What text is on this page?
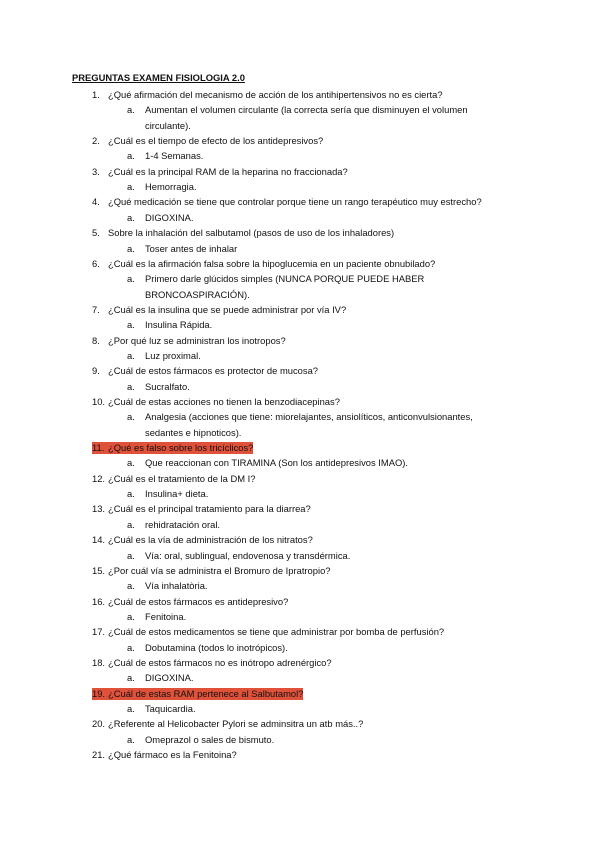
PREGUNTAS EXAMEN FISIOLOGIA 2.0
1. ¿Qué afirmación del mecanismo de acción de los antihipertensivos no es cierta?
a. Aumentan el volumen circulante (la correcta sería que disminuyen el volumen
circulante).
2. ¿Cuál es el tiempo de efecto de los antidepresivos?
a. 1-4 Semanas.
3. ¿Cuál es la principal RAM de la heparina no fraccionada?
a. Hemorragia.
4. ¿Qué medicación se tiene que controlar porque tiene un rango terapéutico muy estrecho?
a. DIGOXINA.
5. Sobre la inhalación del salbutamol (pasos de uso de los inhaladores)
a. Toser antes de inhalar
6. ¿Cuál es la afirmación falsa sobre la hipoglucemia en un paciente obnubilado?
a. Primero darle glúcidos simples (NUNCA PORQUE PUEDE HABER
BRONCOASPIRACIÓN).
7. ¿Cuál es la insulina que se puede administrar por vía IV?
a. Insulina Rápida.
8. ¿Por qué luz se administran los inotropos?
a. Luz proximal.
9. ¿Cuál de estos fármacos es protector de mucosa?
a. Sucralfato.
10. ¿Cuál de estas acciones no tienen la benzodiacepinas?
a. Analgesia (acciones que tiene: miorelajantes, ansiolíticos, anticonvulsionantes,
sedantes e hipnoticos).
11. ¿Qué es falso sobre los tricíclicos?
a. Que reaccionan con TIRAMINA (Son los antidepresivos IMAO).
12. ¿Cuál es el tratamiento de la DM I?
a. Insulina+ dieta.
13. ¿Cuál es el principal tratamiento para la diarrea?
a. rehidratación oral.
14. ¿Cuál es la vía de administración de los nitratos?
a. Vía: oral, sublingual, endovenosa y transdérmica.
15. ¿Por cuál vía se administra el Bromuro de Ipratropio?
a. Vía inhalatòria.
16. ¿Cuál de estos fármacos es antidepresivo?
a. Fenitoina.
17. ¿Cuál de estos medicamentos se tiene que administrar por bomba de perfusión?
a. Dobutamina (todos lo inotrópicos).
18. ¿Cuál de estos fármacos no es inótropo adrenérgico?
a. DIGOXINA.
19. ¿Cuál de estas RAM pertenece al Salbutamol?
a. Taquicardia.
20. ¿Referente al Helicobacter Pylori se adminsitra un atb más..?
a. Omeprazol o sales de bismuto.
21. ¿Qué fármaco es la Fenitoina?
